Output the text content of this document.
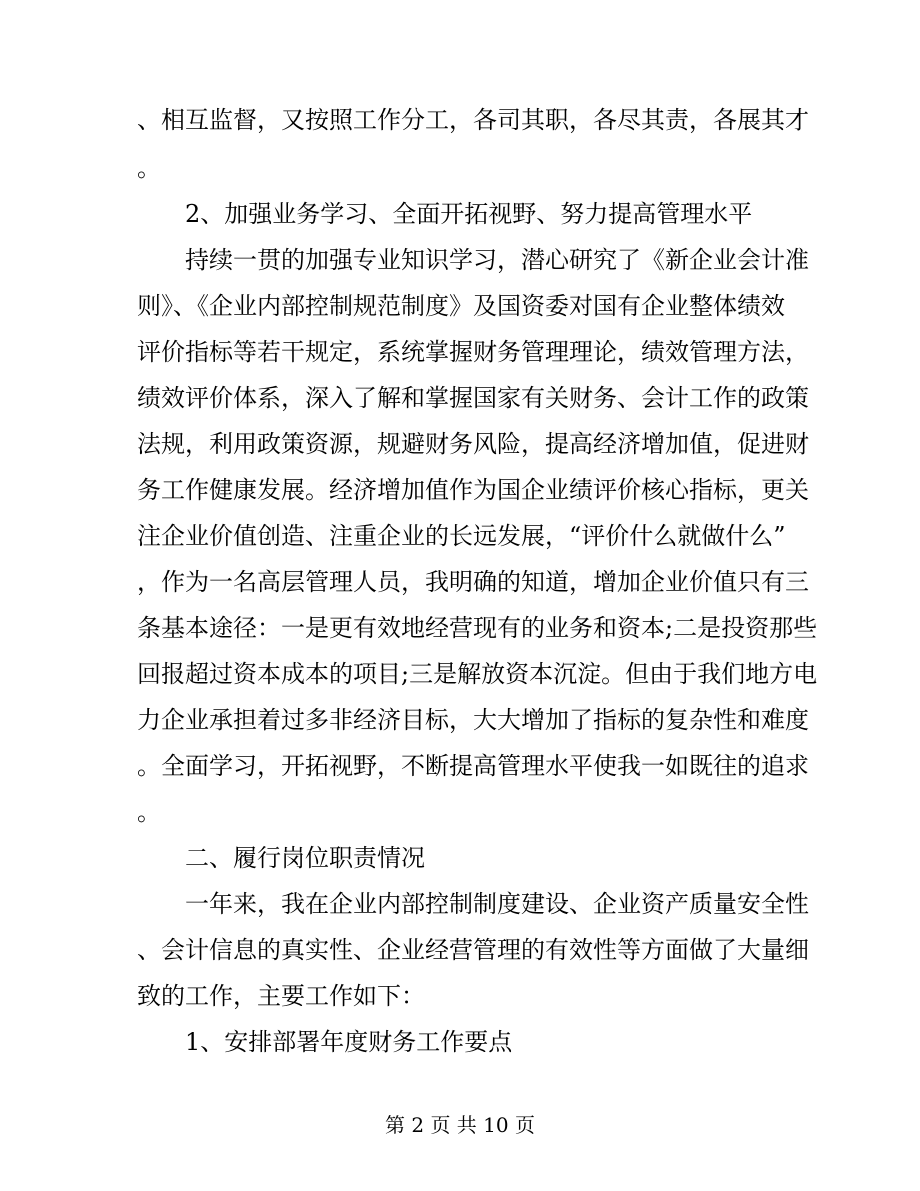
、相互监督，又按照工作分工，各司其职，各尽其责，各展其才
。
2、加强业务学习、全面开拓视野、努力提高管理水平
持续一贯的加强专业知识学习，潜心研究了《新企业会计准
则》、《企业内部控制规范制度》及国资委对国有企业整体绩效
评价指标等若干规定，系统掌握财务管理理论，绩效管理方法，
绩效评价体系，深入了解和掌握国家有关财务、会计工作的政策
法规，利用政策资源，规避财务风险，提高经济增加值，促进财
务工作健康发展。经济增加值作为国企业绩评价核心指标，更关
注企业价值创造、注重企业的长远发展，“评价什么就做什么”
，作为一名高层管理人员，我明确的知道，增加企业价值只有三
条基本途径：一是更有效地经营现有的业务和资本;二是投资那些
回报超过资本成本的项目;三是解放资本沉淀。但由于我们地方电
力企业承担着过多非经济目标，大大增加了指标的复杂性和难度
。全面学习，开拓视野，不断提高管理水平使我一如既往的追求
。
二、履行岗位职责情况
一年来，我在企业内部控制制度建设、企业资产质量安全性
、会计信息的真实性、企业经营管理的有效性等方面做了大量细
致的工作，主要工作如下：
1、安排部署年度财务工作要点
第 2 页 共 10 页
